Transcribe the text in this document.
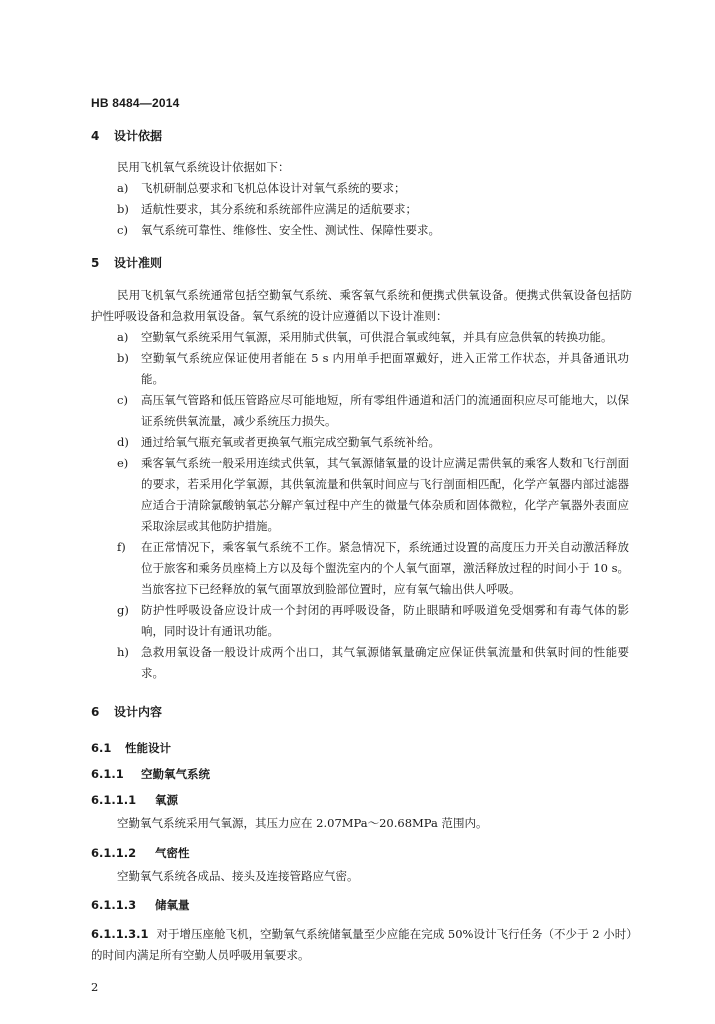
HB 8484—2014
4 设计依据
民用飞机氧气系统设计依据如下：
a) 飞机研制总要求和飞机总体设计对氧气系统的要求；
b) 适航性要求，其分系统和系统部件应满足的适航要求；
c) 氧气系统可靠性、维修性、安全性、测试性、保障性要求。
5 设计准则
民用飞机氧气系统通常包括空勤氧气系统、乘客氧气系统和便携式供氧设备。便携式供氧设备包括防护性呼吸设备和急救用氧设备。氧气系统的设计应遵循以下设计准则：
a) 空勤氧气系统采用气氧源，采用肺式供氧，可供混合氧或纯氧，并具有应急供氧的转换功能。
b) 空勤氧气系统应保证使用者能在 5 s 内用单手把面罩戴好，进入正常工作状态，并具备通讯功能。
c) 高压氧气管路和低压管路应尽可能地短，所有零组件通道和活门的流通面积应尽可能地大，以保证系统供氧流量，减少系统压力损失。
d) 通过给氧气瓶充氧或者更换氧气瓶完成空勤氧气系统补给。
e) 乘客氧气系统一般采用连续式供氧，其气氧源储氧量的设计应满足需供氧的乘客人数和飞行剖面的要求，若采用化学氧源，其供氧流量和供氧时间应与飞行剖面相匹配，化学产氧器内部过滤器应适合于清除氯酸钠氧芯分解产氧过程中产生的微量气体杂质和固体微粒，化学产氧器外表面应采取涂层或其他防护措施。
f) 在正常情况下，乘客氧气系统不工作。紧急情况下，系统通过设置的高度压力开关自动激活释放位于旅客和乘务员座椅上方以及每个盥洗室内的个人氧气面罩，激活释放过程的时间小于 10 s。当旅客拉下已经释放的氧气面罩放到脸部位置时，应有氧气输出供人呼吸。
g) 防护性呼吸设备应设计成一个封闭的再呼吸设备，防止眼睛和呼吸道免受烟雾和有毒气体的影响，同时设计有通讯功能。
h) 急救用氧设备一般设计成两个出口，其气氧源储氧量确定应保证供氧流量和供氧时间的性能要求。
6 设计内容
6.1 性能设计
6.1.1 空勤氧气系统
6.1.1.1 氧源
空勤氧气系统采用气氧源，其压力应在 2.07MPa～20.68MPa 范围内。
6.1.1.2 气密性
空勤氧气系统各成品、接头及连接管路应气密。
6.1.1.3 储氧量
6.1.1.3.1 对于增压座舱飞机，空勤氧气系统储氧量至少应能在完成 50%设计飞行任务（不少于 2 小时）的时间内满足所有空勤人员呼吸用氧要求。
2
